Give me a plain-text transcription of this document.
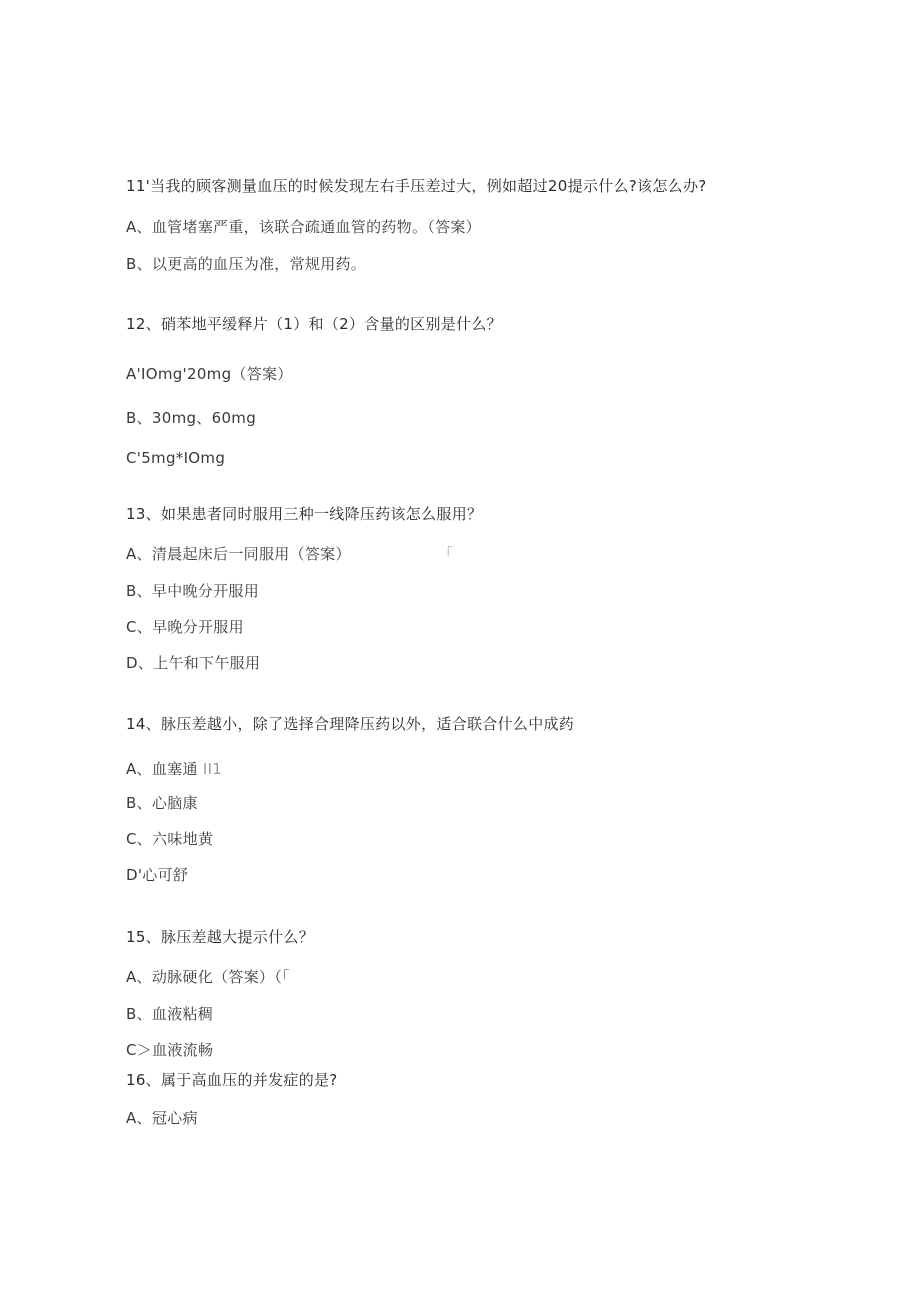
11'当我的顾客测量血压的时候发现左右手压差过大，例如超过20提示什么?该怎么办?
A、血管堵塞严重，该联合疏通血管的药物。（答案）
B、以更高的血压为准，常规用药。
12、硝苯地平缓释片（1）和（2）含量的区别是什么？
A'IOmg'20mg（答案）
B、30mg、60mg
C'5mg*IOmg
13、如果患者同时服用三种一线降压药该怎么服用？
A、清晨起床后一同服用（答案）	「
B、早中晚分开服用
C、早晚分开服用
D、上午和下午服用
14、脉压差越小，除了选择合理降压药以外，适合联合什么中成药
A、血塞通 II1
B、心脑康
C、六味地黄
D'心可舒
15、脉压差越大提示什么？
A、动脉硬化（答案）（「
B、血液粘稠
C＞血液流畅
16、属于高血压的并发症的是?
A、冠心病
